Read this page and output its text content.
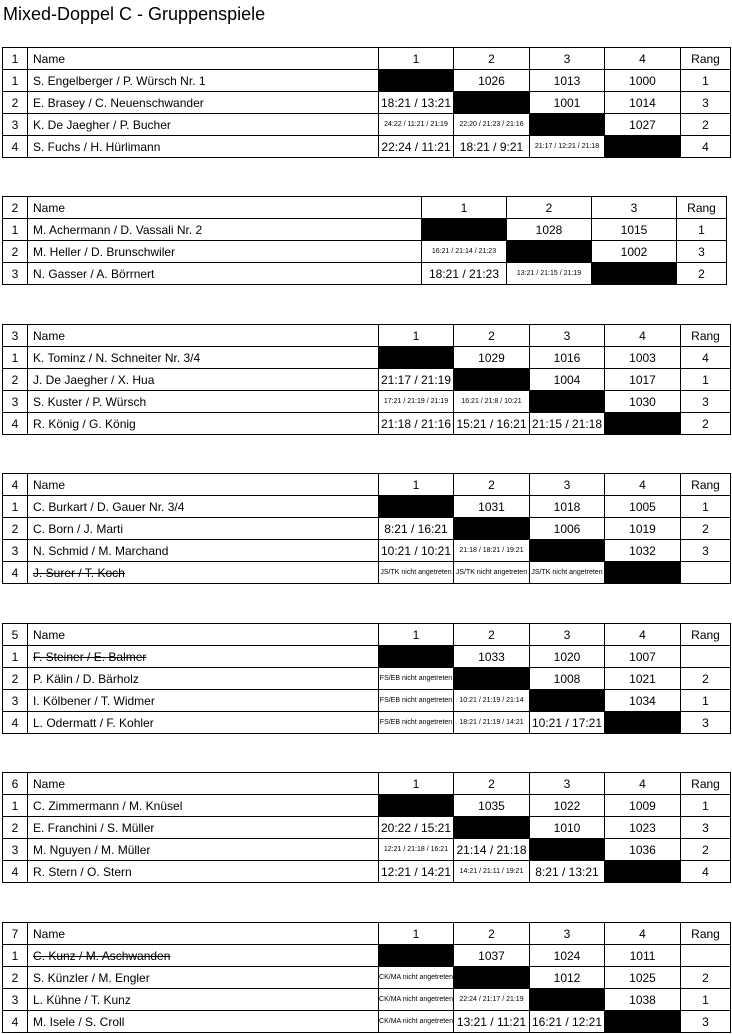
Mixed-Doppel C - Gruppenspiele
1	Name	1	2	3	4	Rang
1	S. Engelberger / P. Würsch Nr. 1		1026	1013	1000	1
2	E. Brasey / C. Neuenschwander	18:21 / 13:21		1001	1014	3
3	K. De Jaegher / P. Bucher	24:22 / 11:21 / 21:19	22:20 / 21:23 / 21:16		1027	2
4	S. Fuchs / H. Hürlimann	22:24 / 11:21	18:21 / 9:21	21:17 / 12:21 / 21:18		4
2	Name	1	2	3	Rang
1	M. Achermann / D. Vassali Nr. 2		1028	1015	1
2	M. Heller / D. Brunschwiler	16:21 / 21:14 / 21:23		1002	3
3	N. Gasser / A. Börrnert	18:21 / 21:23	13:21 / 21:15 / 21:19		2
3	Name	1	2	3	4	Rang
1	K. Tominz / N. Schneiter Nr. 3/4		1029	1016	1003	4
2	J. De Jaegher / X. Hua	21:17 / 21:19		1004	1017	1
3	S. Kuster / P. Würsch	17:21 / 21:19 / 21:19	16:21 / 21:8 / 10:21		1030	3
4	R. König / G. König	21:18 / 21:16	15:21 / 16:21	21:15 / 21:18		2
4	Name	1	2	3	4	Rang
1	C. Burkart / D. Gauer Nr. 3/4		1031	1018	1005	1
2	C. Born / J. Marti	8:21 / 16:21		1006	1019	2
3	N. Schmid / M. Marchand	10:21 / 10:21	21:18 / 18:21 / 19:21		1032	3
4	J. Surer / T. Koch	JS/TK nicht angetreten	JS/TK nicht angetreten	JS/TK nicht angetreten		
5	Name	1	2	3	4	Rang
1	F. Steiner / E. Balmer		1033	1020	1007	
2	P. Kälin / D. Bärholz	FS/EB nicht angetreten		1008	1021	2
3	I. Kölbener / T. Widmer	FS/EB nicht angetreten	10:21 / 21:19 / 21:14		1034	1
4	L. Odermatt / F. Kohler	FS/EB nicht angetreten	18:21 / 21:19 / 14:21	10:21 / 17:21		3
6	Name	1	2	3	4	Rang
1	C. Zimmermann / M. Knüsel		1035	1022	1009	1
2	E. Franchini / S. Müller	20:22 / 15:21		1010	1023	3
3	M. Nguyen / M. Müller	12:21 / 21:18 / 16:21	21:14 / 21:18		1036	2
4	R. Stern / O. Stern	12:21 / 14:21	14:21 / 21:11 / 19:21	8:21 / 13:21		4
7	Name	1	2	3	4	Rang
1	C. Kunz / M. Aschwanden		1037	1024	1011	
2	S. Künzler / M. Engler	CK/MA nicht angetreten		1012	1025	2
3	L. Kühne / T. Kunz	CK/MA nicht angetreten	22:24 / 21:17 / 21:19		1038	1
4	M. Isele / S. Croll	CK/MA nicht angetreten	13:21 / 11:21	16:21 / 12:21		3
